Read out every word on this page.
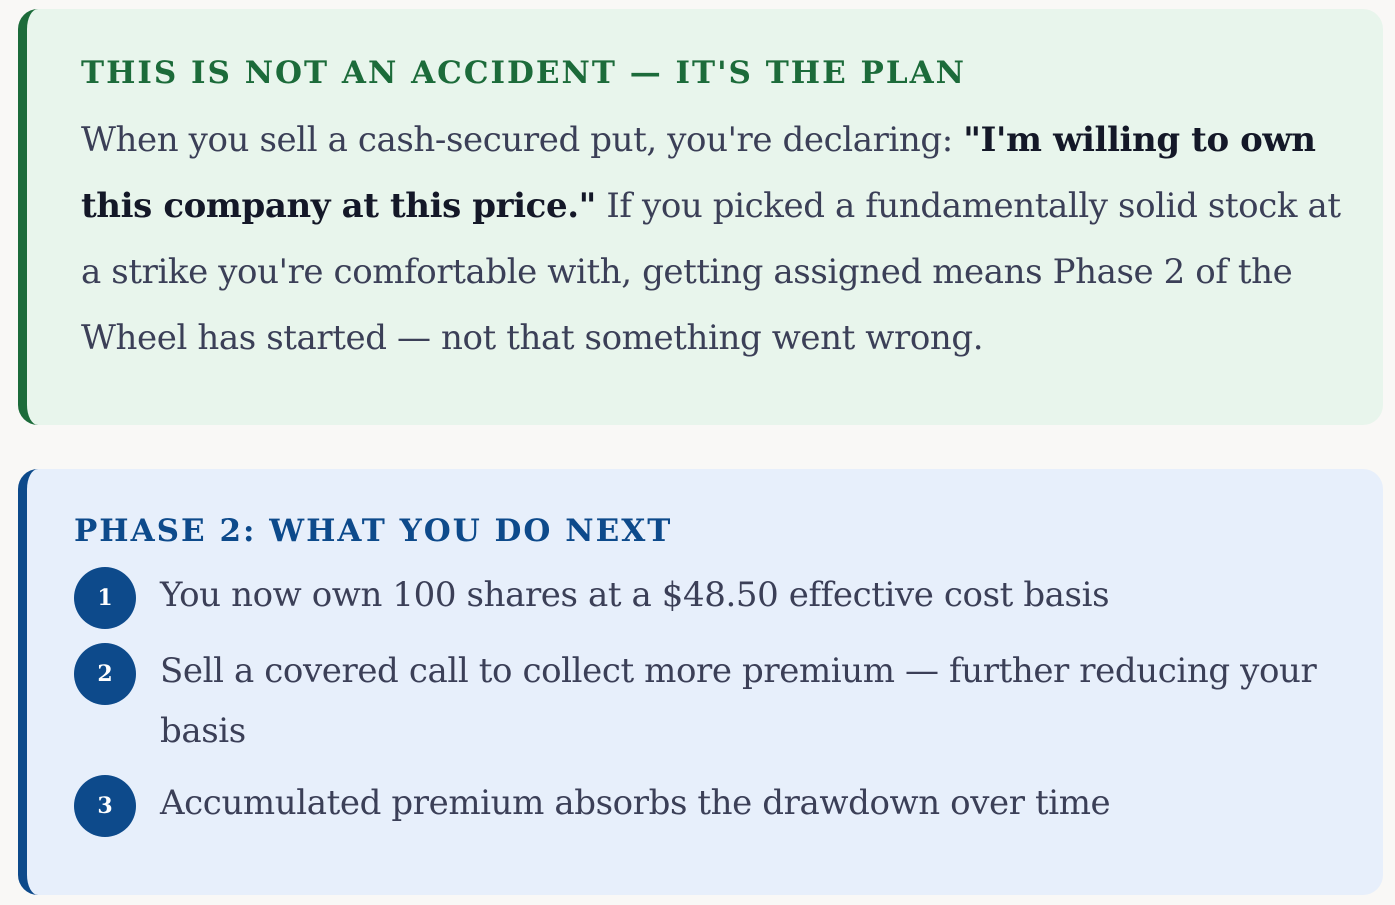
THIS IS NOT AN ACCIDENT — IT'S THE PLAN

When you sell a cash-secured put, you're declaring: "I'm willing to own this company at this price." If you picked a fundamentally solid stock at a strike you're comfortable with, getting assigned means Phase 2 of the Wheel has started — not that something went wrong.

PHASE 2: WHAT YOU DO NEXT
1	You now own 100 shares at a $48.50 effective cost basis
2	Sell a covered call to collect more premium — further reducing your basis
3	Accumulated premium absorbs the drawdown over time
